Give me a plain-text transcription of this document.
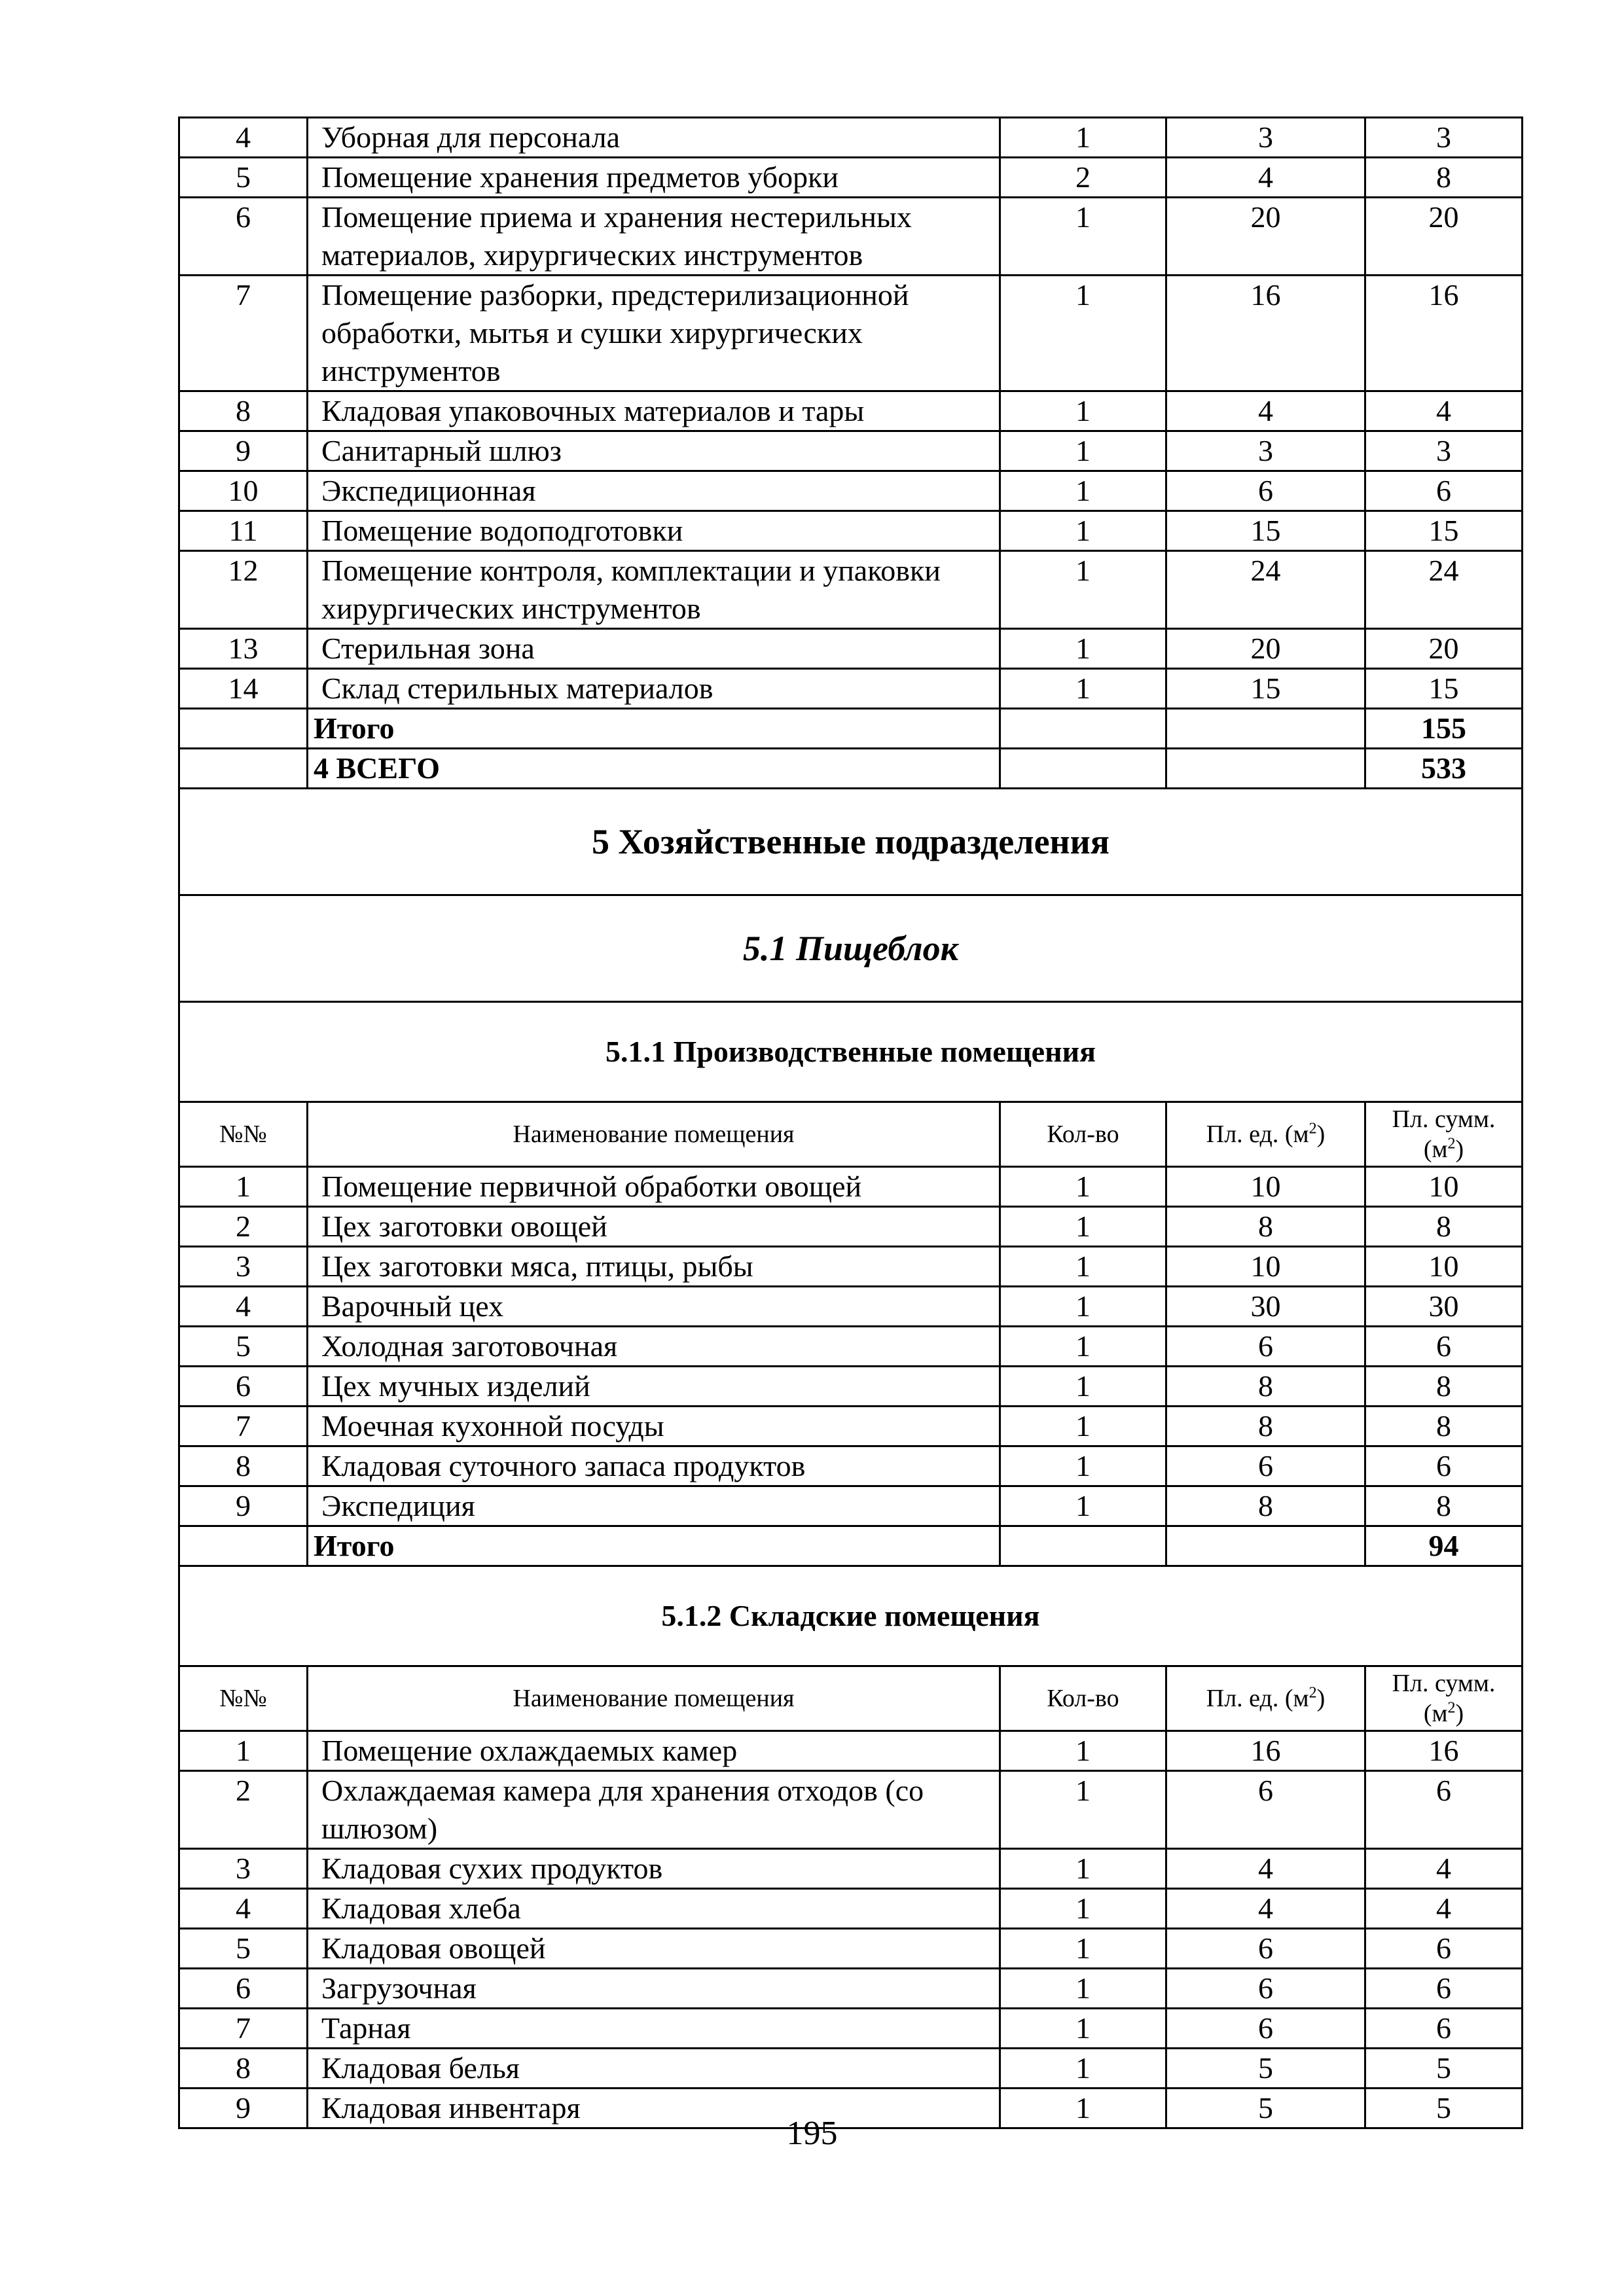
4	Уборная для персонала	1	3	3
5	Помещение хранения предметов уборки	2	4	8
6	Помещение приема и хранения нестерильных материалов, хирургических инструментов	1	20	20
7	Помещение разборки, предстерилизационной обработки, мытья и сушки хирургических инструментов	1	16	16
8	Кладовая упаковочных материалов и тары	1	4	4
9	Санитарный шлюз	1	3	3
10	Экспедиционная	1	6	6
11	Помещение водоподготовки	1	15	15
12	Помещение контроля, комплектации и упаковки хирургических инструментов	1	24	24
13	Стерильная зона	1	20	20
14	Склад стерильных материалов	1	15	15
	Итого			155
	4 ВСЕГО			533
5 Хозяйственные подразделения				
5.1 Пищеблок				
5.1.1 Производственные помещения				
№№	Наименование помещения	Кол-во	Пл. ед. $(м^2)$	Пл. сумм.
$(м^2)$
1	Помещение первичной обработки овощей	1	10	10
2	Цех заготовки овощей	1	8	8
3	Цех заготовки мяса, птицы, рыбы	1	10	10
4	Варочный цех	1	30	30
5	Холодная заготовочная	1	6	6
6	Цех мучных изделий	1	8	8
7	Моечная кухонной посуды	1	8	8
8	Кладовая суточного запаса продуктов	1	6	6
9	Экспедиция	1	8	8
	Итого			94
5.1.2 Складские помещения				
№№	Наименование помещения	Кол-во	Пл. ед. $(м^2)$	Пл. сумм.
$(м^2)$
1	Помещение охлаждаемых камер	1	16	16
2	Охлаждаемая камера для хранения отходов (со шлюзом)	1	6	6
3	Кладовая сухих продуктов	1	4	4
4	Кладовая хлеба	1	4	4
5	Кладовая овощей	1	6	6
6	Загрузочная	1	6	6
7	Тарная	1	6	6
8	Кладовая белья	1	5	5
9	Кладовая инвентаря	1	5	5
195
